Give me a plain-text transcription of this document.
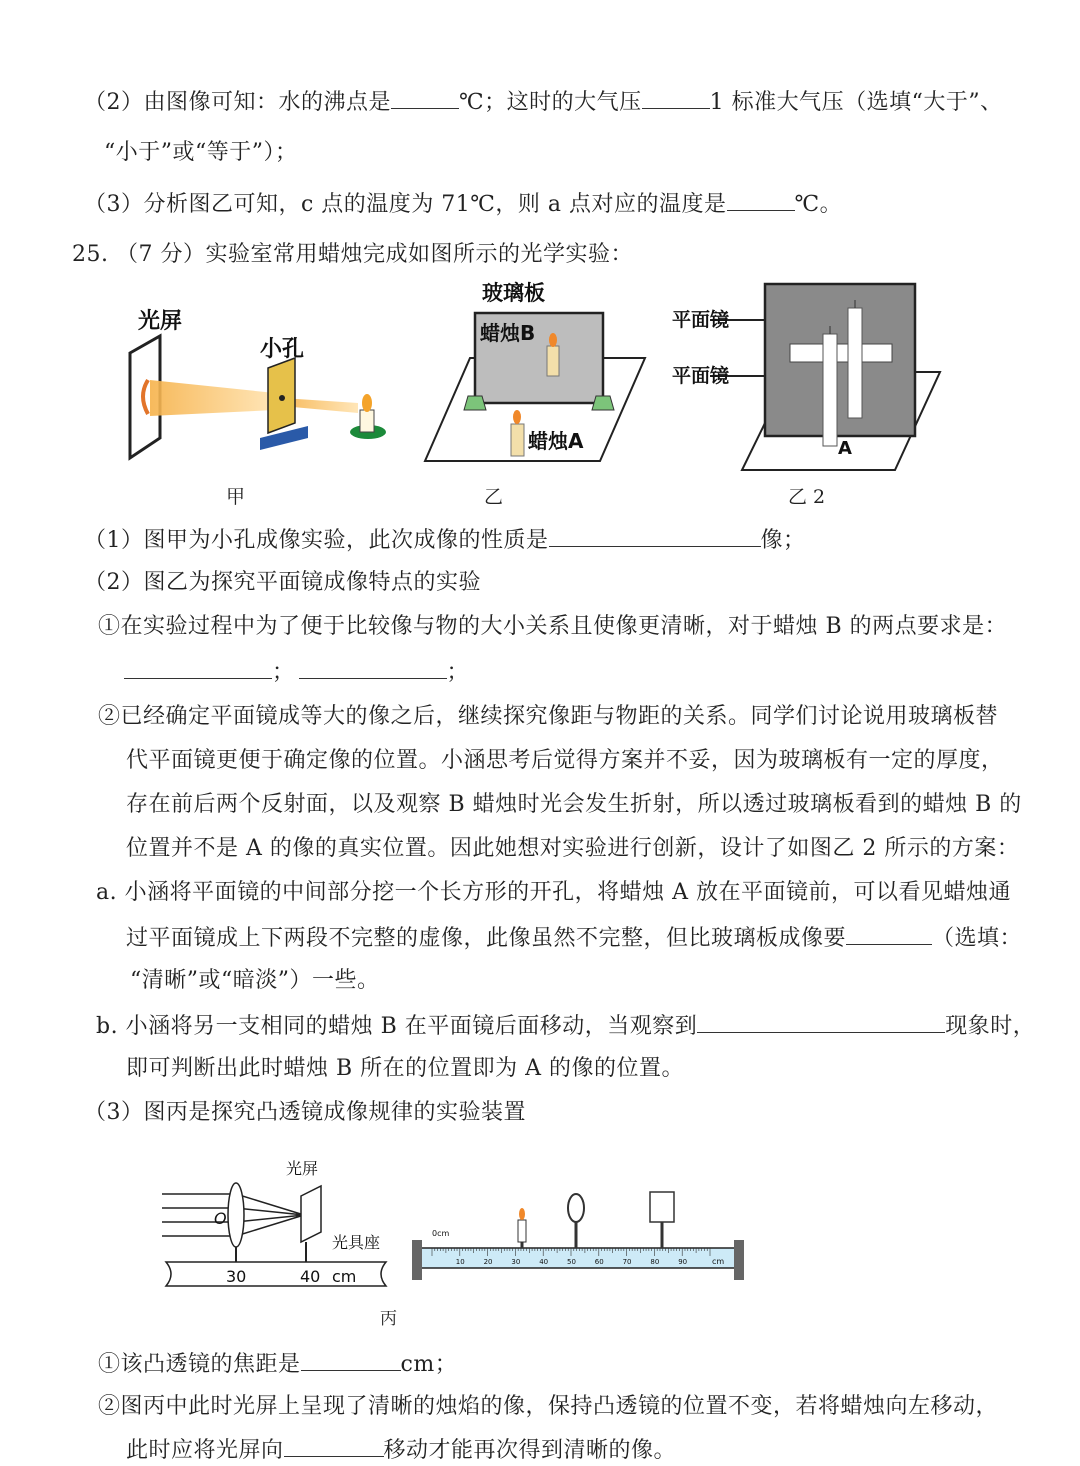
（2）由图像可知：水的沸点是	℃；这时的大气压	1 标准大气压（选填“大于”、
“小于”或“等于”）；
（3）分析图乙可知，c 点的温度为 71℃，则 a 点对应的温度是	℃。
25. （7 分）实验室常用蜡烛完成如图所示的光学实验：
光屏
小孔
甲
玻璃板
蜡烛B
蜡烛A
乙
平面镜
平面镜
A
乙 2
（1）图甲为小孔成像实验，此次成像的性质是	像；
（2）图乙为探究平面镜成像特点的实验
①在实验过程中为了便于比较像与物的大小关系且使像更清晰，对于蜡烛 B 的两点要求是：
；	；
②已经确定平面镜成等大的像之后，继续探究像距与物距的关系。同学们讨论说用玻璃板替
代平面镜更便于确定像的位置。小涵思考后觉得方案并不妥，因为玻璃板有一定的厚度，
存在前后两个反射面，以及观察 B 蜡烛时光会发生折射，所以透过玻璃板看到的蜡烛 B 的
位置并不是 A 的像的真实位置。因此她想对实验进行创新，设计了如图乙 2 所示的方案：
a. 小涵将平面镜的中间部分挖一个长方形的开孔，将蜡烛 A 放在平面镜前，可以看见蜡烛通
过平面镜成上下两段不完整的虚像，此像虽然不完整，但比玻璃板成像要	（选填：
“清晰”或“暗淡”）一些。
b. 小涵将另一支相同的蜡烛 B 在平面镜后面移动，当观察到	现象时，
即可判断出此时蜡烛 B 所在的位置即为 A 的像的位置。
（3）图丙是探究凸透镜成像规律的实验装置
O
光屏
光具座
30	40 cm
10	20	30	40	50	60	70	80	90
0cm
cm
丙
①该凸透镜的焦距是	cm；
②图丙中此时光屏上呈现了清晰的烛焰的像，保持凸透镜的位置不变，若将蜡烛向左移动，
此时应将光屏向	移动才能再次得到清晰的像。
